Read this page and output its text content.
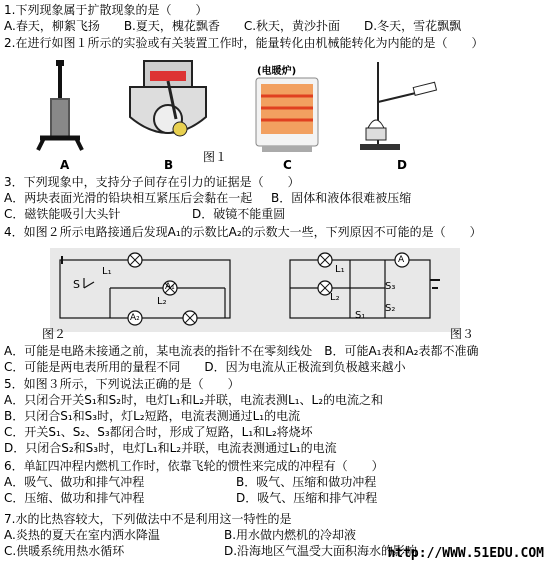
1.下列现象属于扩散现象的是（　　）
A.春天，柳絮飞扬　　B.夏天，槐花飘香　　C.秋天，黄沙扑面　　D.冬天，雪花飘飘
2.在进行如图１所示的实验或有关装置工作时，能量转化由机械能转化为内能的是（　　）
(电暖炉)
A	B
图１
C	D
3．下列现象中，支持分子间存在引力的证据是（　　）
A．两块表面光滑的铅块相互紧压后会黏在一起 B．固体和液体很难被压缩
C．磁铁能吸引大头针	D．破镜不能重圆
4．如图２所示电路接通后发现A₁的示数比A₂的示数大一些，下列原因不可能的是（　　）
S
L₁
L₂
A₁
A₂
L₁
L₂
S₃
S₂
S₁
A
图２	图３
A．可能是电路未接通之前，某电流表的指针不在零刻线处　B．可能A₁表和A₂表都不准确
C．可能是两电表所用的量程不同　　D．因为电流从正极流到负极越来越小
5．如图３所示，下列说法正确的是（　　）
A．只闭合开关S₁和S₂时，电灯L₁和L₂并联，电流表测L₁、L₂的电流之和
B．只闭合S₁和S₃时，灯L₂短路，电流表测通过L₁的电流
C．开关S₁、S₂、S₃都闭合时，形成了短路，L₁和L₂将烧坏
D．只闭合S₂和S₃时，电灯L₁和L₂并联，电流表测通过L₁的电流
6．单缸四冲程内燃机工作时，依靠飞轮的惯性来完成的冲程有（　　）
A．吸气、做功和排气冲程	B．吸气、压缩和做功冲程
C．压缩、做功和排气冲程	D．吸气、压缩和排气冲程
7.水的比热容较大，下列做法中不是利用这一特性的是
A.炎热的夏天在室内洒水降温	B.用水做内燃机的冷却液
C.供暖系统用热水循环	D.沿海地区气温受大面积海水的影响
http://WWW.51EDU.COM
